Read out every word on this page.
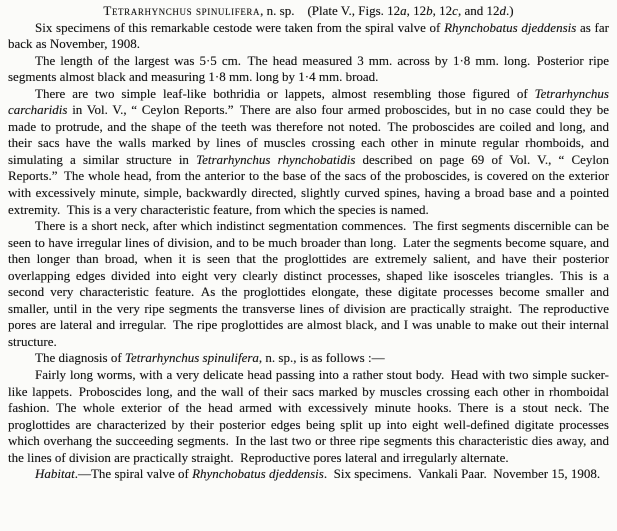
Tetrarhynchus spinulifera, n. sp.  (Plate V., Figs. 12a, 12b, 12c, and 12d.)

Six specimens of this remarkable cestode were taken from the spiral valve of Rhynchobatus djeddensis as far back as November, 1908.

The length of the largest was 5·5 cm. The head measured 3 mm. across by 1·8 mm. long. Posterior ripe segments almost black and measuring 1·8 mm. long by 1·4 mm. broad.

There are two simple leaf-like bothridia or lappets, almost resembling those figured of Tetrarhynchus carcharidis in Vol. V., “ Ceylon Reports.” There are also four armed proboscides, but in no case could they be made to protrude, and the shape of the teeth was therefore not noted. The proboscides are coiled and long, and their sacs have the walls marked by lines of muscles crossing each other in minute regular rhomboids, and simulating a similar structure in Tetrarhynchus rhynchobatidis described on page 69 of Vol. V., “ Ceylon Reports.” The whole head, from the anterior to the base of the sacs of the proboscides, is covered on the exterior with excessively minute, simple, backwardly directed, slightly curved spines, having a broad base and a pointed extremity. This is a very characteristic feature, from which the species is named.

There is a short neck, after which indistinct segmentation commences. The first segments discernible can be seen to have irregular lines of division, and to be much broader than long. Later the segments become square, and then longer than broad, when it is seen that the proglottides are extremely salient, and have their posterior overlapping edges divided into eight very clearly distinct processes, shaped like isosceles triangles. This is a second very characteristic feature. As the proglottides elongate, these digitate processes become smaller and smaller, until in the very ripe segments the transverse lines of division are practically straight. The reproductive pores are lateral and irregular. The ripe proglottides are almost black, and I was unable to make out their internal structure.

The diagnosis of Tetrarhynchus spinulifera, n. sp., is as follows :—

Fairly long worms, with a very delicate head passing into a rather stout body. Head with two simple sucker-like lappets. Proboscides long, and the wall of their sacs marked by muscles crossing each other in rhomboidal fashion. The whole exterior of the head armed with excessively minute hooks. There is a stout neck. The proglottides are characterized by their posterior edges being split up into eight well-defined digitate processes which overhang the succeeding segments. In the last two or three ripe segments this characteristic dies away, and the lines of division are practically straight. Reproductive pores lateral and irregularly alternate.

Habitat.—The spiral valve of Rhynchobatus djeddensis. Six specimens. Vankali Paar. November 15, 1908.
